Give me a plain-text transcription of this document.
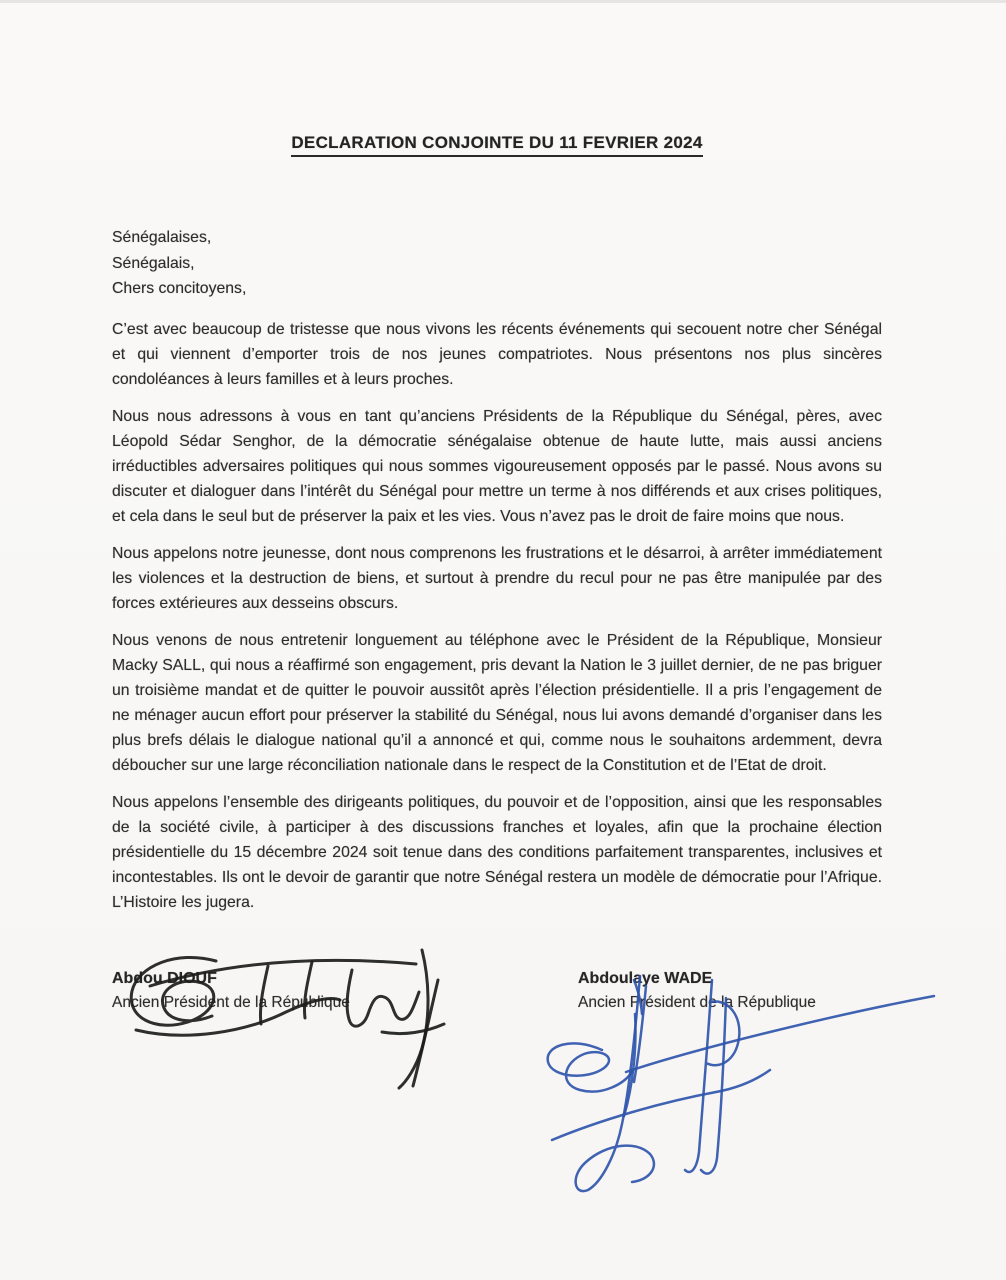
DECLARATION CONJOINTE DU 11 FEVRIER 2024
Sénégalaises,
Sénégalais,
Chers concitoyens,

C’est avec beaucoup de tristesse que nous vivons les récents événements qui secouent notre cher Sénégal et qui viennent d’emporter trois de nos jeunes compatriotes. Nous présentons nos plus sincères condoléances à leurs familles et à leurs proches.

Nous nous adressons à vous en tant qu’anciens Présidents de la République du Sénégal, pères, avec Léopold Sédar Senghor, de la démocratie sénégalaise obtenue de haute lutte, mais aussi anciens irréductibles adversaires politiques qui nous sommes vigoureusement opposés par le passé. Nous avons su discuter et dialoguer dans l’intérêt du Sénégal pour mettre un terme à nos différends et aux crises politiques, et cela dans le seul but de préserver la paix et les vies. Vous n’avez pas le droit de faire moins que nous.

Nous appelons notre jeunesse, dont nous comprenons les frustrations et le désarroi, à arrêter immédiatement les violences et la destruction de biens, et surtout à prendre du recul pour ne pas être manipulée par des forces extérieures aux desseins obscurs.

Nous venons de nous entretenir longuement au téléphone avec le Président de la République, Monsieur Macky SALL, qui nous a réaffirmé son engagement, pris devant la Nation le 3 juillet dernier, de ne pas briguer un troisième mandat et de quitter le pouvoir aussitôt après l’élection présidentielle. Il a pris l’engagement de ne ménager aucun effort pour préserver la stabilité du Sénégal, nous lui avons demandé d’organiser dans les plus brefs délais le dialogue national qu’il a annoncé et qui, comme nous le souhaitons ardemment, devra déboucher sur une large réconciliation nationale dans le respect de la Constitution et de l’Etat de droit.

Nous appelons l’ensemble des dirigeants politiques, du pouvoir et de l’opposition, ainsi que les responsables de la société civile, à participer à des discussions franches et loyales, afin que la prochaine élection présidentielle du 15 décembre 2024 soit tenue dans des conditions parfaitement transparentes, inclusives et incontestables. Ils ont le devoir de garantir que notre Sénégal restera un modèle de démocratie pour l’Afrique. L’Histoire les jugera.

Abdou DIOUF
Ancien Président de la République
Abdoulaye WADE
Ancien Président de la République
